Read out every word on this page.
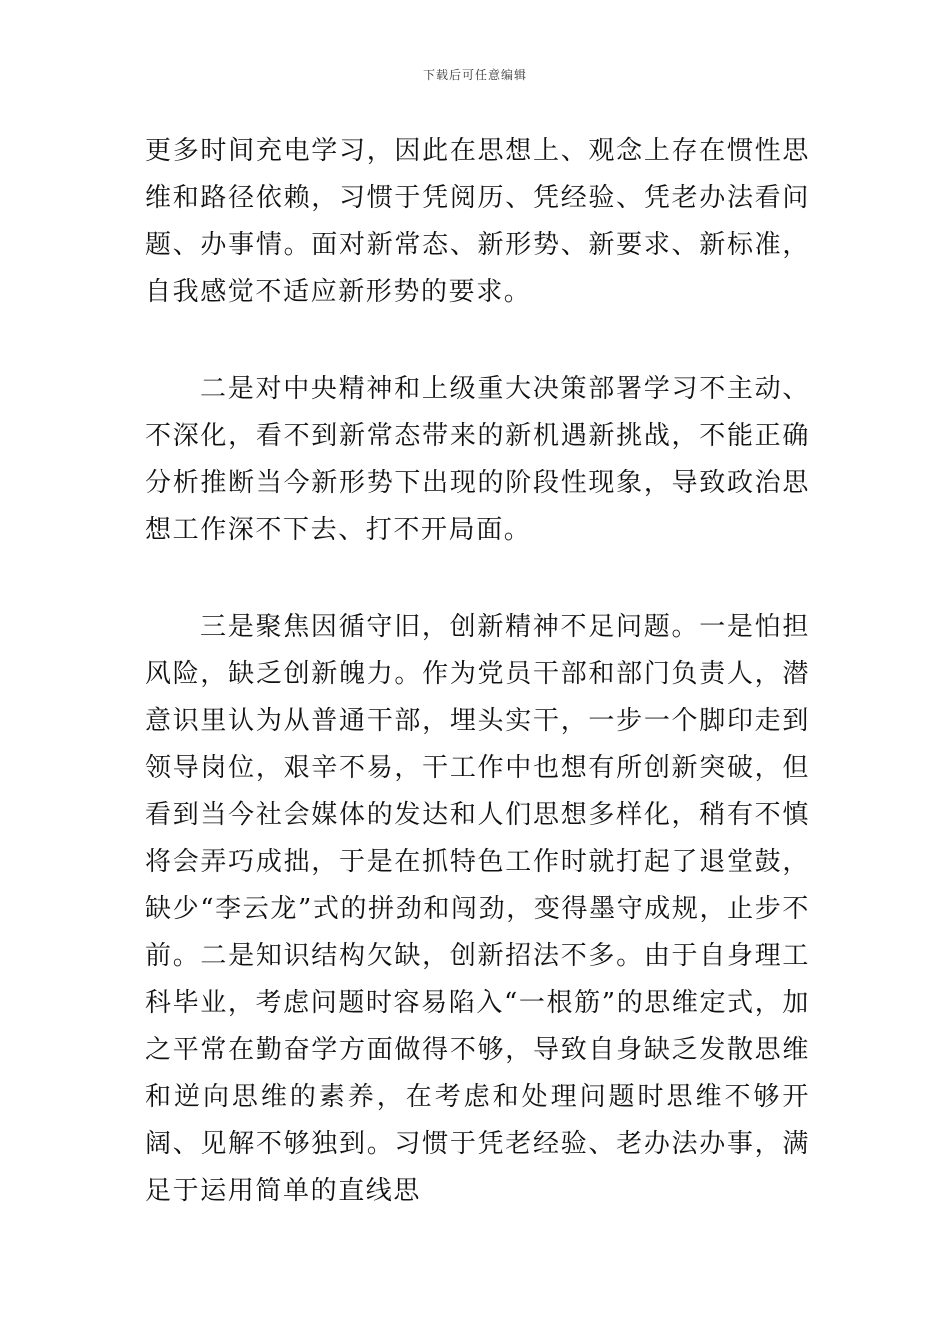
下载后可任意编辑

更多时间充电学习，因此在思想上、观念上存在惯性思维和路径依赖，习惯于凭阅历、凭经验、凭老办法看问题、办事情。面对新常态、新形势、新要求、新标准，自我感觉不适应新形势的要求。

二是对中央精神和上级重大决策部署学习不主动、不深化，看不到新常态带来的新机遇新挑战，不能正确分析推断当今新形势下出现的阶段性现象，导致政治思想工作深不下去、打不开局面。

三是聚焦因循守旧，创新精神不足问题。一是怕担风险，缺乏创新魄力。作为党员干部和部门负责人，潜意识里认为从普通干部，埋头实干，一步一个脚印走到领导岗位，艰辛不易，干工作中也想有所创新突破，但看到当今社会媒体的发达和人们思想多样化，稍有不慎将会弄巧成拙，于是在抓特色工作时就打起了退堂鼓，缺少“李云龙”式的拼劲和闯劲，变得墨守成规，止步不前。二是知识结构欠缺，创新招法不多。由于自身理工科毕业，考虑问题时容易陷入“一根筋”的思维定式，加之平常在勤奋学方面做得不够，导致自身缺乏发散思维和逆向思维的素养，在考虑和处理问题时思维不够开阔、见解不够独到。习惯于凭老经验、老办法办事，满足于运用简单的直线思
